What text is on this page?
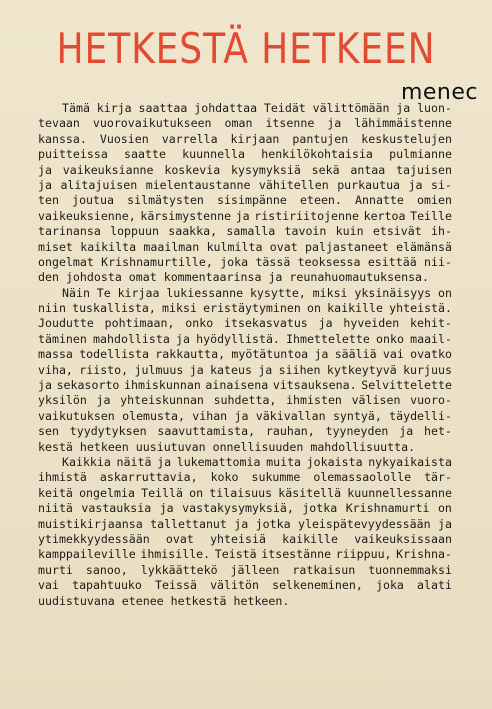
HETKESTÄ HETKEEN
menec
Tämä kirja saattaa johdattaa Teidät välittömään ja luon-
tevaan vuorovaikutukseen oman itsenne ja lähimmäistenne
kanssa. Vuosien varrella kirjaan pantujen keskustelujen
puitteissa saatte kuunnella henkilökohtaisia pulmianne
ja vaikeuksianne koskevia kysymyksiä sekä antaa tajuisen
ja alitajuisen mielentaustanne vähitellen purkautua ja si-
ten joutua silmätysten sisimpänne eteen. Annatte omien
vaikeuksienne, kärsimystenne ja ristiriitojenne kertoa Teille
tarinansa loppuun saakka, samalla tavoin kuin etsivät ih-
miset kaikilta maailman kulmilta ovat paljastaneet elämänsä
ongelmat Krishnamurtille, joka tässä teoksessa esittää nii-
den johdosta omat kommentaarinsa ja reunahuomautuksensa.
Näin Te kirjaa lukiessanne kysytte, miksi yksinäisyys on
niin tuskallista, miksi eristäytyminen on kaikille yhteistä.
Joudutte pohtimaan, onko itsekasvatus ja hyveiden kehit-
täminen mahdollista ja hyödyllistä. Ihmettelette onko maail-
massa todellista rakkautta, myötätuntoa ja sääliä vai ovatko
viha, riisto, julmuus ja kateus ja siihen kytkeytyvä kurjuus
ja sekasorto ihmiskunnan ainaisena vitsauksena. Selvittelette
yksilön ja yhteiskunnan suhdetta, ihmisten välisen vuoro-
vaikutuksen olemusta, vihan ja väkivallan syntyä, täydelli-
sen tyydytyksen saavuttamista, rauhan, tyyneyden ja het-
kestä hetkeen uusiutuvan onnellisuuden mahdollisuutta.
Kaikkia näitä ja lukemattomia muita jokaista nykyaikaista
ihmistä askarruttavia, koko sukumme olemassaololle tär-
keitä ongelmia Teillä on tilaisuus käsitellä kuunnellessanne
niitä vastauksia ja vastakysymyksiä, jotka Krishnamurti on
muistikirjaansa tallettanut ja jotka yleispätevyydessään ja
ytimekkyydessään ovat yhteisiä kaikille vaikeuksissaan
kamppaileville ihmisille. Teistä itsestänne riippuu, Krishna-
murti sanoo, lykkäättekö jälleen ratkaisun tuonnemmaksi
vai tapahtuuko Teissä välitön selkeneminen, joka alati
uudistuvana etenee hetkestä hetkeen.
